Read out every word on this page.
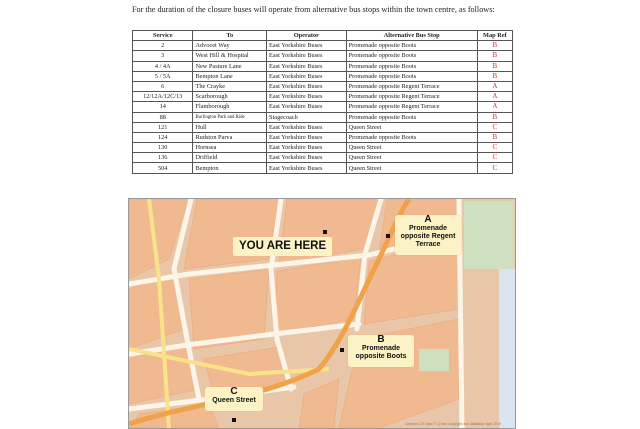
For the duration of the closure buses will operate from alternative bus stops within the town centre, as follows:
Service	To	Operator	Alternative Bus Stop	Map Ref
2	Advocet Way	East Yorkshire Buses	Promenade opposite Boots	B
3	West Hill & Hospital	East Yorkshire Buses	Promenade opposite Boots	B
4 / 4A	New Pasture Lane	East Yorkshire Buses	Promenade opposite Boots	B
5 / 5A	Bempton Lane	East Yorkshire Buses	Promenade opposite Boots	B
6	The Crayke	East Yorkshire Buses	Promenade opposite Regent Terrace	A
12/12A/12C/13	Scarborough	East Yorkshire Buses	Promenade opposite Regent Terrace	A
14	Flamborough	East Yorkshire Buses	Promenade opposite Regent Terrace	A
88	Burlington Park and Ride	Stagecoach	Promenade opposite Boots	B
121	Hull	East Yorkshire Buses	Queen Street	C
124	Rudston Parva	East Yorkshire Buses	Promenade opposite Boots	B
130	Hornsea	East Yorkshire Buses	Queen Street	C
136	Driffield	East Yorkshire Buses	Queen Street	C
504	Bempton	East Yorkshire Buses	Queen Street	C
YOU ARE HERE
A
Promenade opposite Regent Terrace
B
Promenade opposite Boots
C
Queen Street
Contains OS data © Crown copyright and database right 2019
